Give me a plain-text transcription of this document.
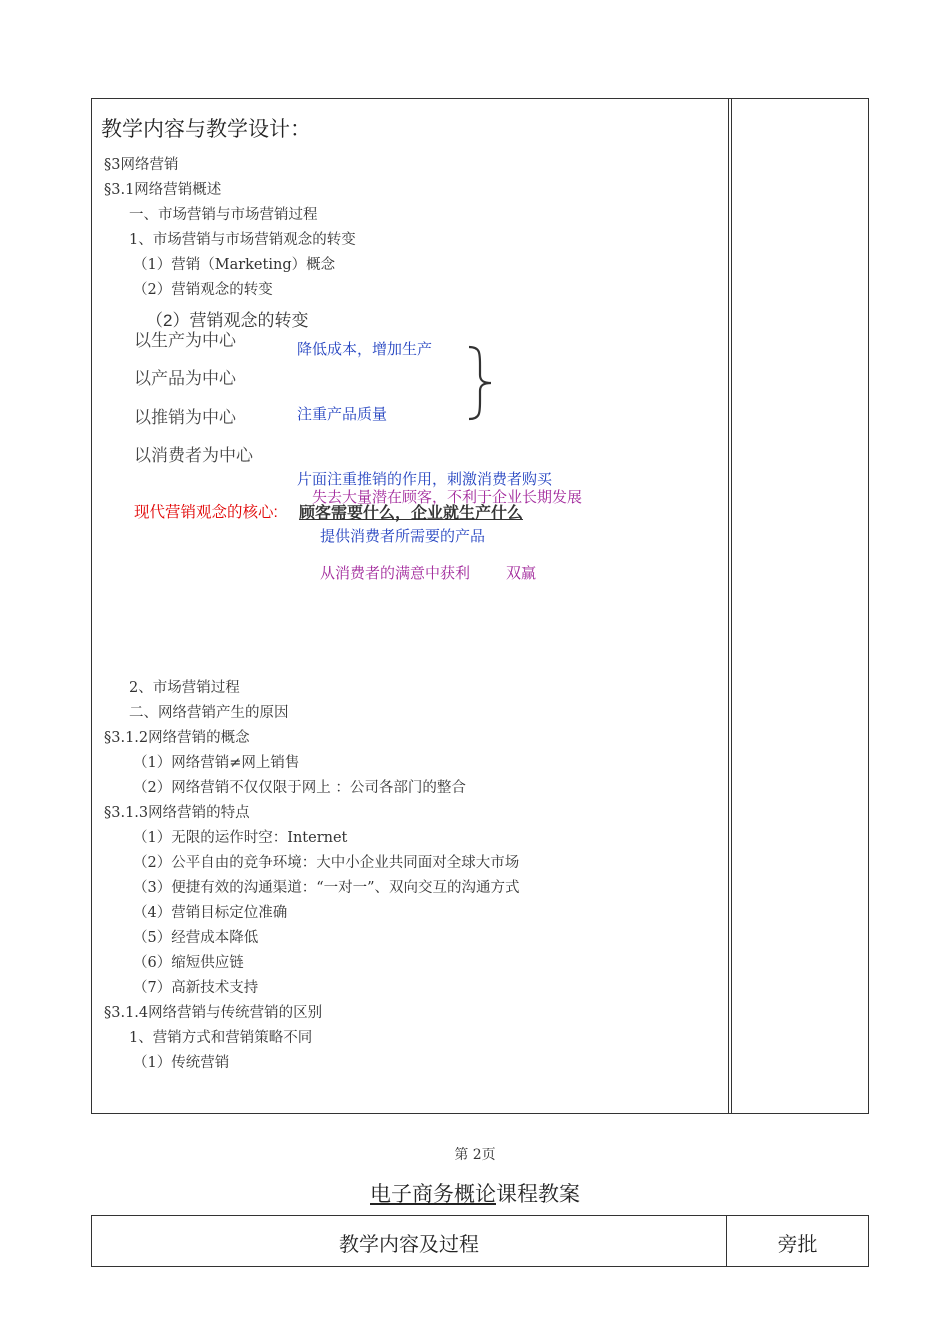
教学内容与教学设计：
§3网络营销
§3.1网络营销概述
一、市场营销与市场营销过程
1、市场营销与市场营销观念的转变
（1）营销（Marketing）概念
（2）营销观念的转变
（2）营销观念的转变
以生产为中心
以产品为中心
以推销为中心
以消费者为中心
降低成本，增加生产
注重产品质量
片面注重推销的作用，刺激消费者购买
失去大量潜在顾客，不利于企业长期发展
现代营销观念的核心: 顾客需要什么，企业就生产什么
提供消费者所需要的产品
从消费者的满意中获利 双赢
2、市场营销过程
二、网络营销产生的原因
§3.1.2网络营销的概念
（1）网络营销≠网上销售
（2）网络营销不仅仅限于网上 ：公司各部门的整合
§3.1.3网络营销的特点
（1）无限的运作时空：Internet
（2）公平自由的竞争环境：大中小企业共同面对全球大市场
（3）便捷有效的沟通渠道：“一对一”、双向交互的沟通方式
（4）营销目标定位准确
（5）经营成本降低
（6）缩短供应链
（7）高新技术支持
§3.1.4网络营销与传统营销的区别
1、营销方式和营销策略不同
（1）传统营销
第 2页
电子商务概论课程教案
教学内容及过程	旁批
